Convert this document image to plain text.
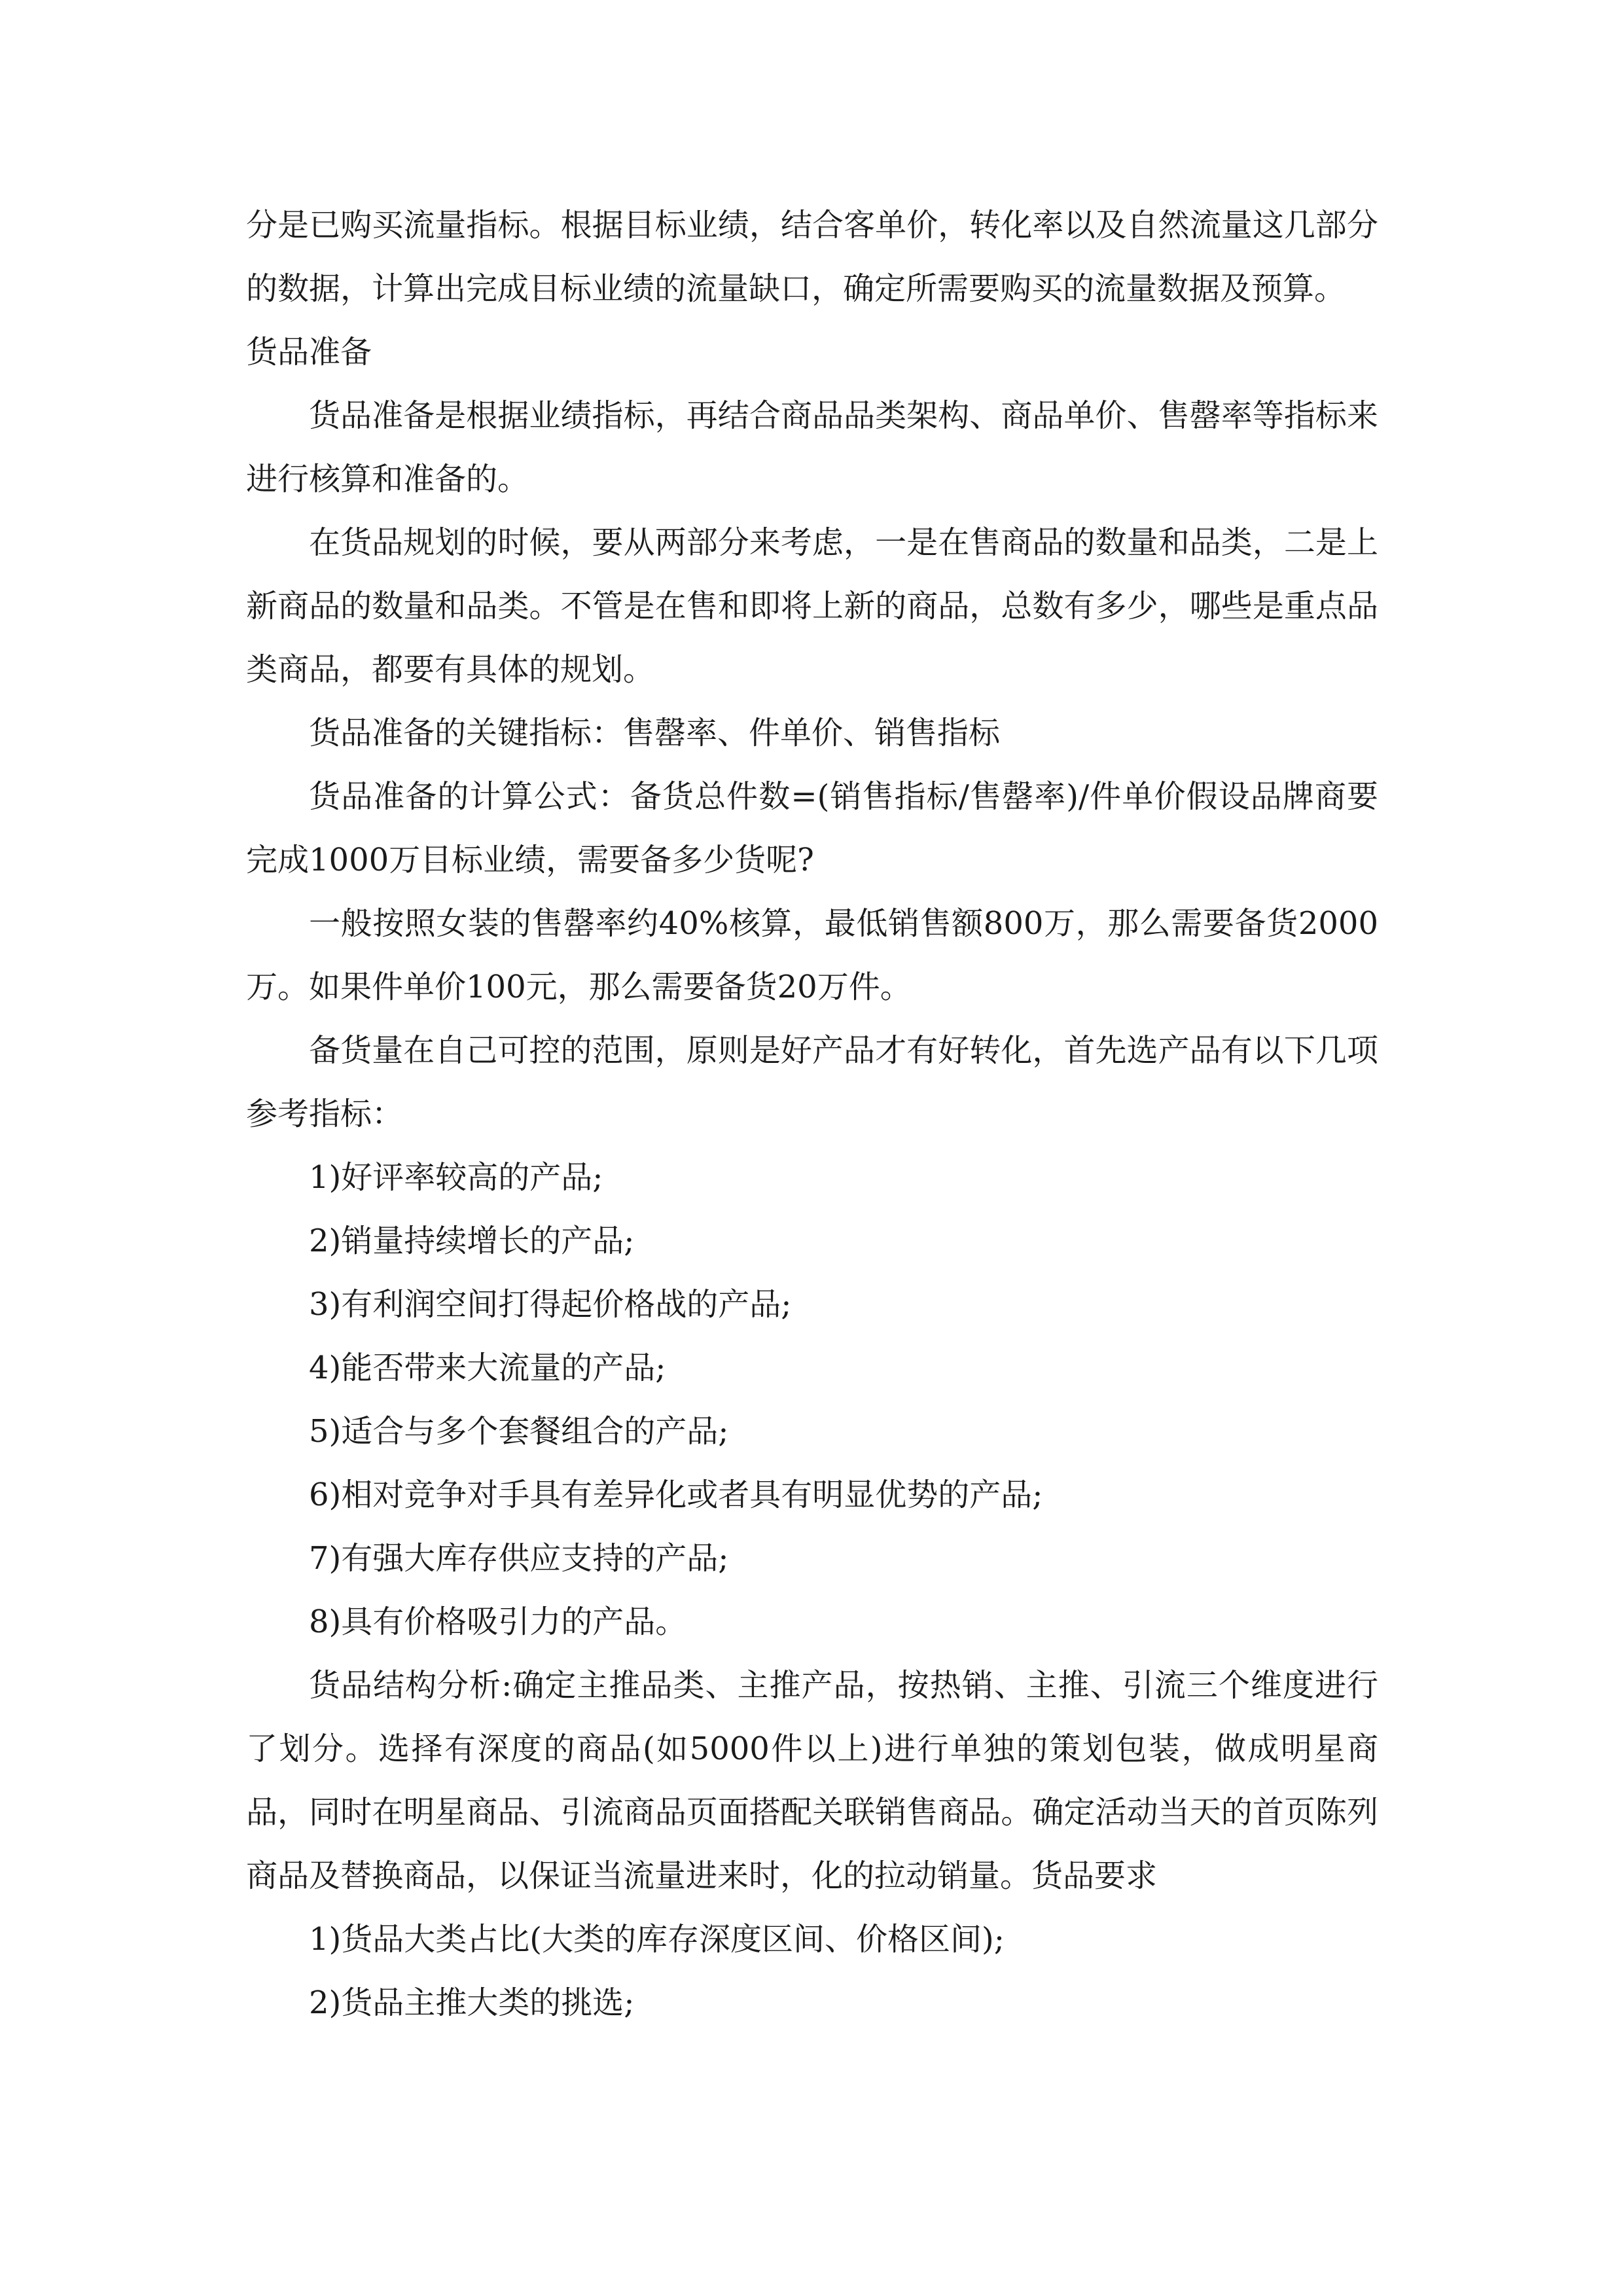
分是已购买流量指标。根据目标业绩，结合客单价，转化率以及自然流量这几部分的数据，计算出完成目标业绩的流量缺口，确定所需要购买的流量数据及预算。

货品准备

货品准备是根据业绩指标，再结合商品品类架构、商品单价、售罄率等指标来进行核算和准备的。

在货品规划的时候，要从两部分来考虑，一是在售商品的数量和品类，二是上新商品的数量和品类。不管是在售和即将上新的商品，总数有多少，哪些是重点品类商品，都要有具体的规划。

货品准备的关键指标：售罄率、件单价、销售指标

货品准备的计算公式：备货总件数=(销售指标/售罄率)/件单价假设品牌商要完成1000万目标业绩，需要备多少货呢?

一般按照女装的售罄率约40%核算，最低销售额800万，那么需要备货2000万。如果件单价100元，那么需要备货20万件。

备货量在自己可控的范围，原则是好产品才有好转化，首先选产品有以下几项参考指标：

1)好评率较高的产品;

2)销量持续增长的产品;

3)有利润空间打得起价格战的产品;

4)能否带来大流量的产品;

5)适合与多个套餐组合的产品;

6)相对竞争对手具有差异化或者具有明显优势的产品;

7)有强大库存供应支持的产品;

8)具有价格吸引力的产品。

货品结构分析:确定主推品类、主推产品，按热销、主推、引流三个维度进行了划分。选择有深度的商品(如5000件以上)进行单独的策划包装，做成明星商品，同时在明星商品、引流商品页面搭配关联销售商品。确定活动当天的首页陈列商品及替换商品，以保证当流量进来时，化的拉动销量。货品要求

1)货品大类占比(大类的库存深度区间、价格区间);

2)货品主推大类的挑选;
